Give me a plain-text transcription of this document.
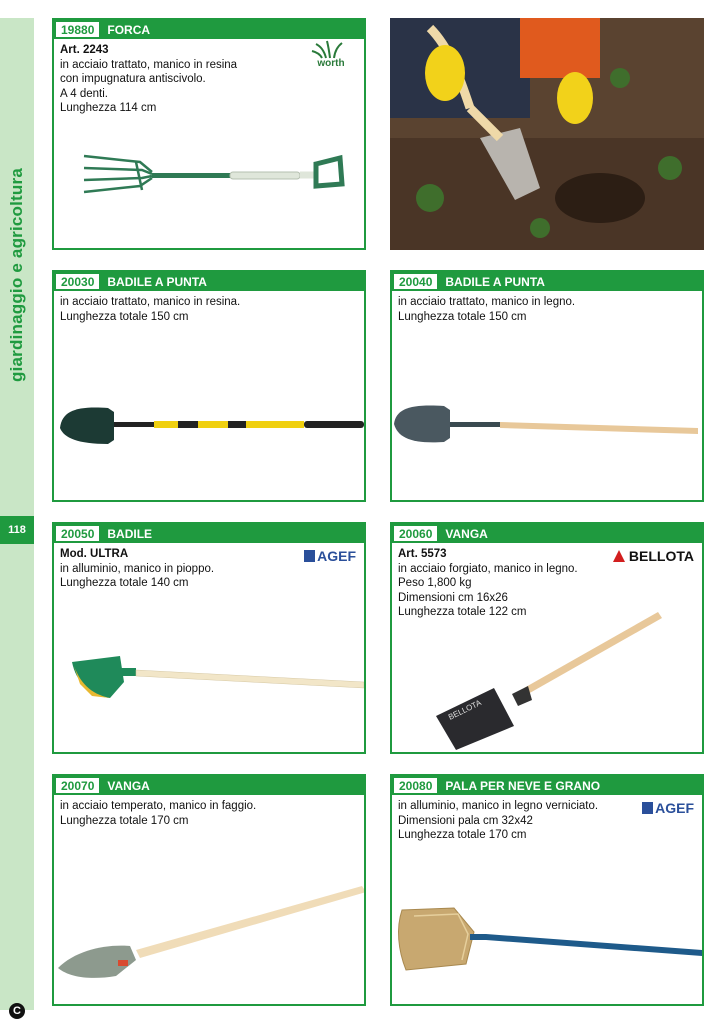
giardinaggio e agricoltura
118
C
19880	FORCA
Art. 2243
in acciaio trattato, manico in resina
con impugnatura antiscivolo.
A 4 denti.
Lunghezza 114 cm
worth
20030	BADILE A PUNTA
in acciaio trattato, manico in resina.
Lunghezza totale 150 cm
20040	BADILE A PUNTA
in acciaio trattato, manico in legno.
Lunghezza totale 150 cm
20050	BADILE
Mod. ULTRA
in alluminio, manico in pioppo.
Lunghezza totale 140 cm
AGEF
20060	VANGA
Art. 5573
in acciaio forgiato, manico in legno.
Peso 1,800 kg
Dimensioni cm 16x26
Lunghezza totale 122 cm
BELLOTA
BELLOTA
20070	VANGA
in acciaio temperato, manico in faggio.
Lunghezza totale 170 cm
20080	PALA PER NEVE E GRANO
in alluminio, manico in legno verniciato.
Dimensioni pala cm 32x42
Lunghezza totale 170 cm
AGEF
